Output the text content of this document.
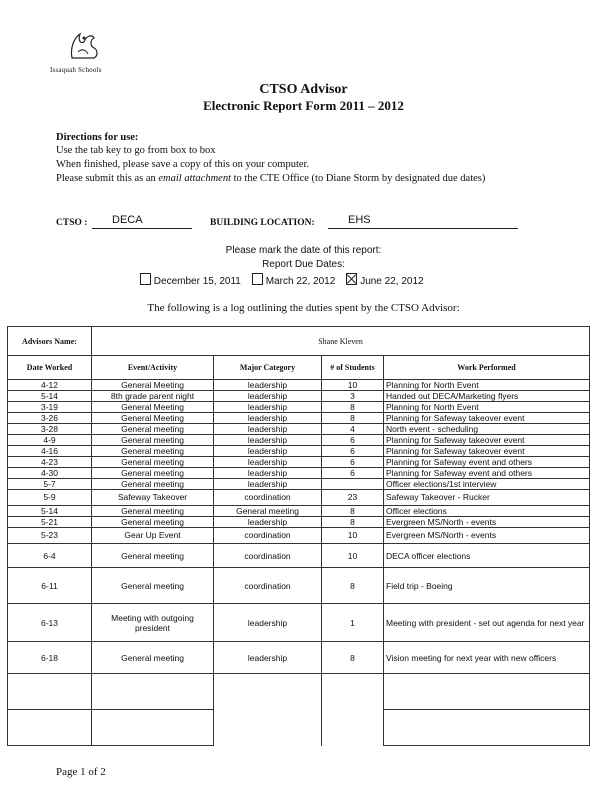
Issaquah Schools
CTSO Advisor
Electronic Report Form 2011 – 2012
Directions for use:
Use the tab key to go from box to box
When finished, please save a copy of this on your computer.
Please submit this as an email attachment to the CTE Office (to Diane Storm by designated due dates)
CTSO : DECA	BUILDING LOCATION:	EHS
Please mark the date of this report:
Report Due Dates:
December 15, 2011 March 22, 2012 June 22, 2012
The following is a log outlining the duties spent by the CTSO Advisor:
Advisors Name:	Shane Kleven			
Date Worked	Event/Activity	Major Category	# of Students	Work Performed
4-12	General Meeting	leadership	10	Planning for North Event
5-14	8th grade parent night	leadership	3	Handed out DECA/Marketing flyers
3-19	General Meeting	leadership	8	Planning for North Event
3-26	General Meeting	leadership	8	Planning for Safeway takeover event
3-28	General meeting	leadership	4	North event - scheduling
4-9	General meeting	leadership	6	Planning for Safeway takeover event
4-16	General meeting	leadership	6	Planning for Safeway takeover event
4-23	General meeting	leadership	6	Planning for Safeway event and others
4-30	General meeting	leadership	6	Planning for Safeway event and others
5-7	General meeting	leadership		Officer elections/1st interview
5-9	Safeway Takeover	coordination	23	Safeway Takeover - Rucker
5-14	General meeting	General meeting	8	Officer elections
5-21	General meeting	leadership	8	Evergreen MS/North - events
5-23	Gear Up Event	coordination	10	Evergreen MS/North - events
6-4	General meeting	coordination	10	DECA officer elections
6-11	General meeting	coordination	8	Field trip - Boeing
6-13	Meeting with outgoing president	leadership	1	Meeting with president - set out agenda for next year
6-18	General meeting	leadership	8	Vision meeting for next year with new officers

Page 1 of 2
